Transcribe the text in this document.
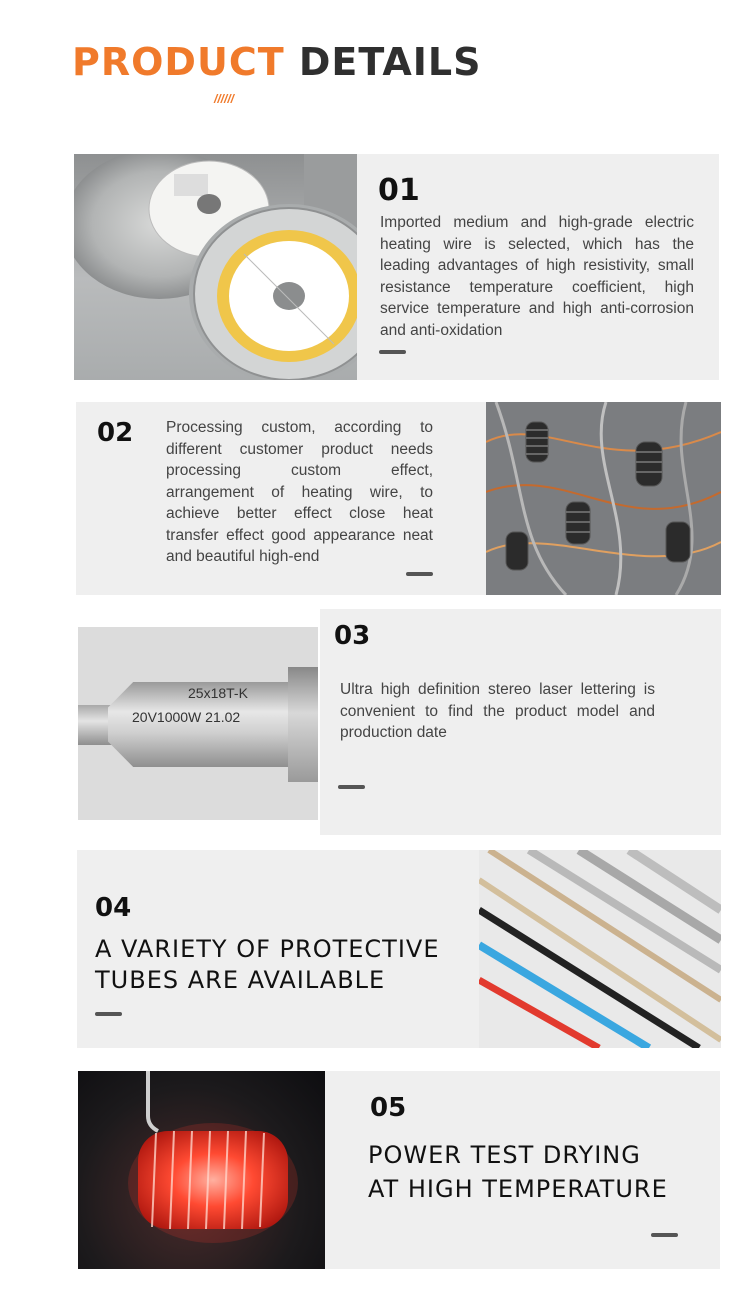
PRODUCT DETAILS
//////
01
Imported medium and high-grade electric heating wire is selected, which has the leading advantages of high resistivity, small resistance temperature coefficient, high service temperature and high anti-corrosion and anti-oxidation
02 Processing custom, according to different customer product needs processing custom effect, arrangement of heating wire, to achieve better effect close heat transfer effect good appearance neat and beautiful high-end
25x18T-K
20V1000W 21.02
03
Ultra high definition stereo laser lettering is convenient to find the product model and production date
04
A VARIETY OF PROTECTIVE
TUBES ARE AVAILABLE
05
POWER TEST DRYING
AT HIGH TEMPERATURE
